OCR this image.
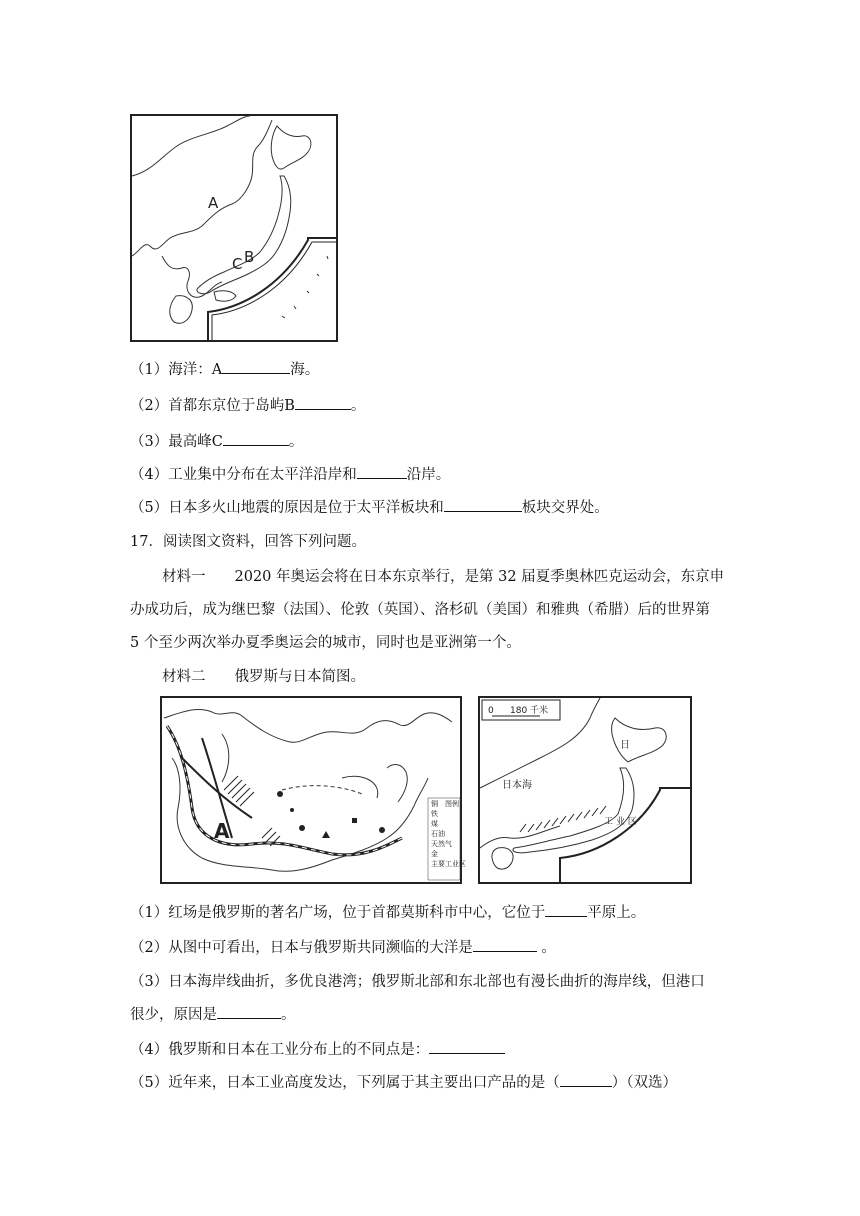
A
B
C
（1）海洋：A	海。
（2）首都东京位于岛屿B	。
（3）最高峰C	。
（4）工业集中分布在太平洋沿岸和	沿岸。
（5）日本多火山地震的原因是位于太平洋板块和	板块交界处。
17．阅读图文资料，回答下列问题。
材料一　　2020 年奥运会将在日本东京举行，是第 32 届夏季奥林匹克运动会，东京申
办成功后，成为继巴黎（法国）、伦敦（英国）、洛杉矶（美国）和雅典（希腊）后的世界第
5 个至少两次举办夏季奥运会的城市，同时也是亚洲第一个。
材料二　　俄罗斯与日本简图。
A
铜 图例
铁
煤
石油
天然气
金
主要工业区
0 180 千米
日本海
日
工 业 区
（1）红场是俄罗斯的著名广场，位于首都莫斯科市中心，它位于	平原上。
（2）从图中可看出，日本与俄罗斯共同濒临的大洋是	。
（3）日本海岸线曲折，多优良港湾；俄罗斯北部和东北部也有漫长曲折的海岸线，但港口
很少，原因是	。
（4）俄罗斯和日本在工业分布上的不同点是：
（5）近年来，日本工业高度发达，下列属于其主要出口产品的是（	）（双选）
